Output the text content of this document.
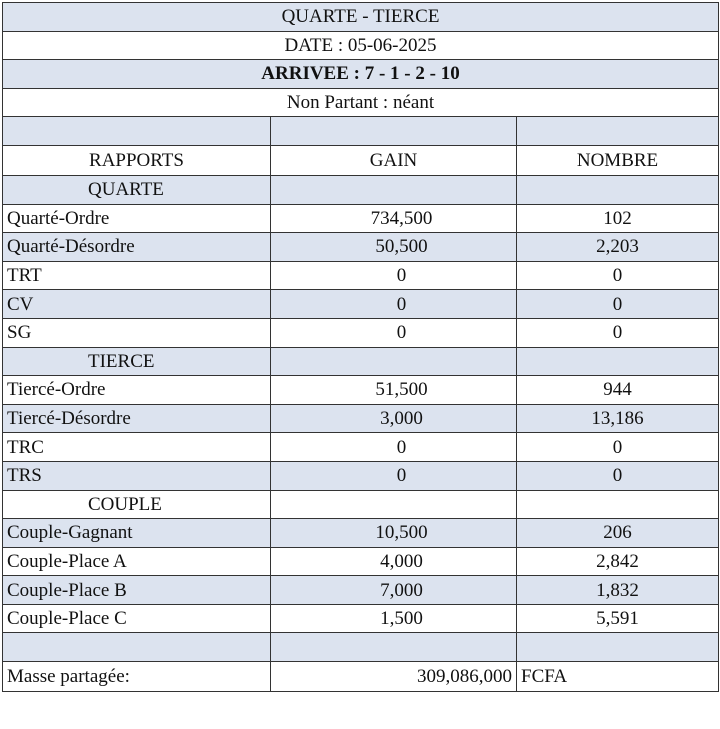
QUARTE - TIERCE		
DATE : 05-06-2025		
ARRIVEE : 7 - 1 - 2 - 10		
Non Partant : néant		

RAPPORTS	GAIN	NOMBRE
QUARTE		
Quarté-Ordre	734,500	102
Quarté-Désordre	50,500	2,203
TRT	0	0
CV	0	0
SG	0	0
TIERCE		
Tiercé-Ordre	51,500	944
Tiercé-Désordre	3,000	13,186
TRC	0	0
TRS	0	0
COUPLE		
Couple-Gagnant	10,500	206
Couple-Place A	4,000	2,842
Couple-Place B	7,000	1,832
Couple-Place C	1,500	5,591

Masse partagée:	309,086,000	FCFA
